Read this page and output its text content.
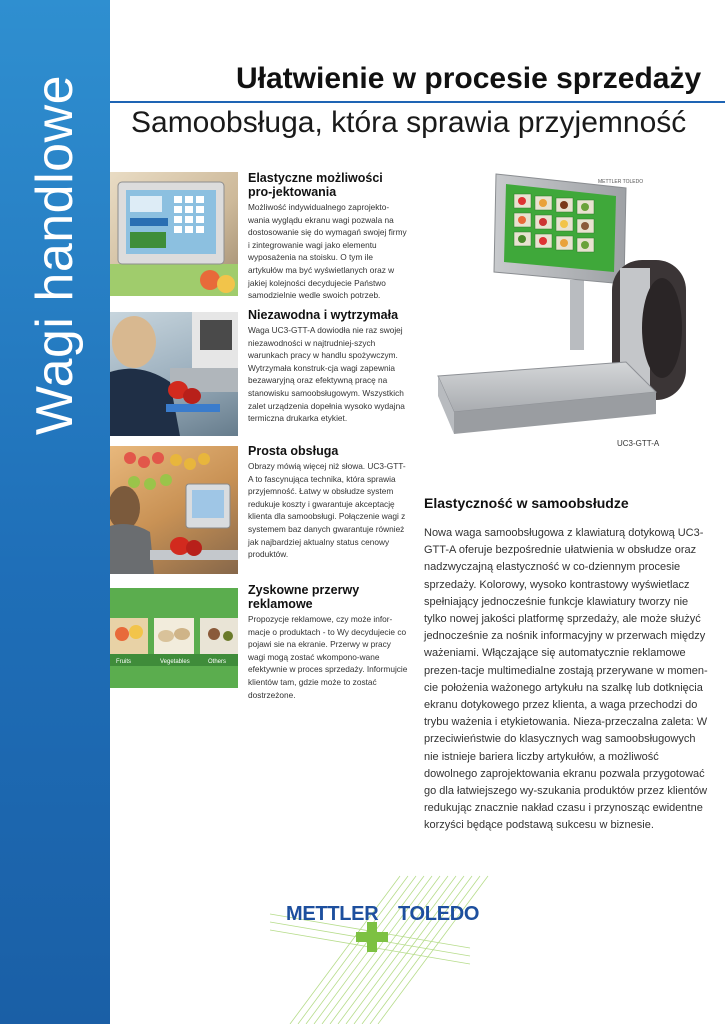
Wagi handlowe	Ułatwienie w procesie sprzedaży
Samoobsługa, która sprawia przyjemność
Fruits	Vegetables	Others
Elastyczne możliwości pro-jektowania

Możliwość indywidualnego zaprojekto-wania wyglądu ekranu wagi pozwala na dostosowanie się do wymagań swojej firmy i zintegrowanie wagi jako elementu wyposażenia na stoisku. O tym ile artykułów ma być wyświetlanych oraz w jakiej kolejności decydujecie Państwo samodzielnie wedle swoich potrzeb.

Niezawodna i wytrzymała

Waga UC3-GTT-A dowiodła nie raz swojej niezawodności w najtrudniej-szych warunkach pracy w handlu spożywczym. Wytrzymała konstruk-cja wagi zapewnia bezawaryjną oraz efektywną pracę na stanowisku samoobsługowym. Wszystkich zalet urządzenia dopełnia wysoko wydajna termiczna drukarka etykiet.

Prosta obsługa

Obrazy mówią więcej niż słowa. UC3-GTT-A to fascynująca technika, która sprawia przyjemność. Łatwy w obsłudze system redukuje koszty i gwarantuje akceptację klienta dla samoobsługi. Połączenie wagi z systemem baz danych gwarantuje również jak najbardziej aktualny status cenowy produktów.

Zyskowne przerwy reklamowe

Propozycje reklamowe, czy może infor-macje o produktach - to Wy decydujecie co pojawi sie na ekranie. Przerwy w pracy wagi mogą zostać wkompono-wane efektywnie w proces sprzedaży. Informujcie klientów tam, gdzie może to zostać dostrzeżone.

METTLER TOLEDO
UC3-GTT-A
Elastyczność w samoobsłudze

Nowa waga samoobsługowa z klawiaturą dotykową UC3-GTT-A oferuje bezpośrednie ułatwienia w obsłudze oraz nadzwyczajną elastyczność w co-dziennym procesie sprzedaży. Kolorowy, wysoko kontrastowy wyświetlacz spełniający jednocześnie funkcje klawiatury tworzy nie tylko nowej jakości platformę sprzedaży, ale może służyć jednocześnie za nośnik informacyjny w przerwach między ważeniami. Włączające się automatycznie reklamowe prezen-tacje multimedialne zostają przerywane w momen-cie położenia ważonego artykułu na szalkę lub dotknięcia ekranu dotykowego przez klienta, a waga przechodzi do trybu ważenia i etykietowania. Nieza-przeczalna zaleta: W przeciwieństwie do klasycznych wag samoobsługowych nie istnieje bariera liczby artykułów, a możliwość dowolnego zaprojektowania ekranu pozwala przygotować go dla łatwiejszego wy-szukania produktów przez klientów redukując znacznie nakład czasu i przynosząc ewidentne korzyści będące podstawą sukcesu w biznesie.

METTLER TOLEDO
